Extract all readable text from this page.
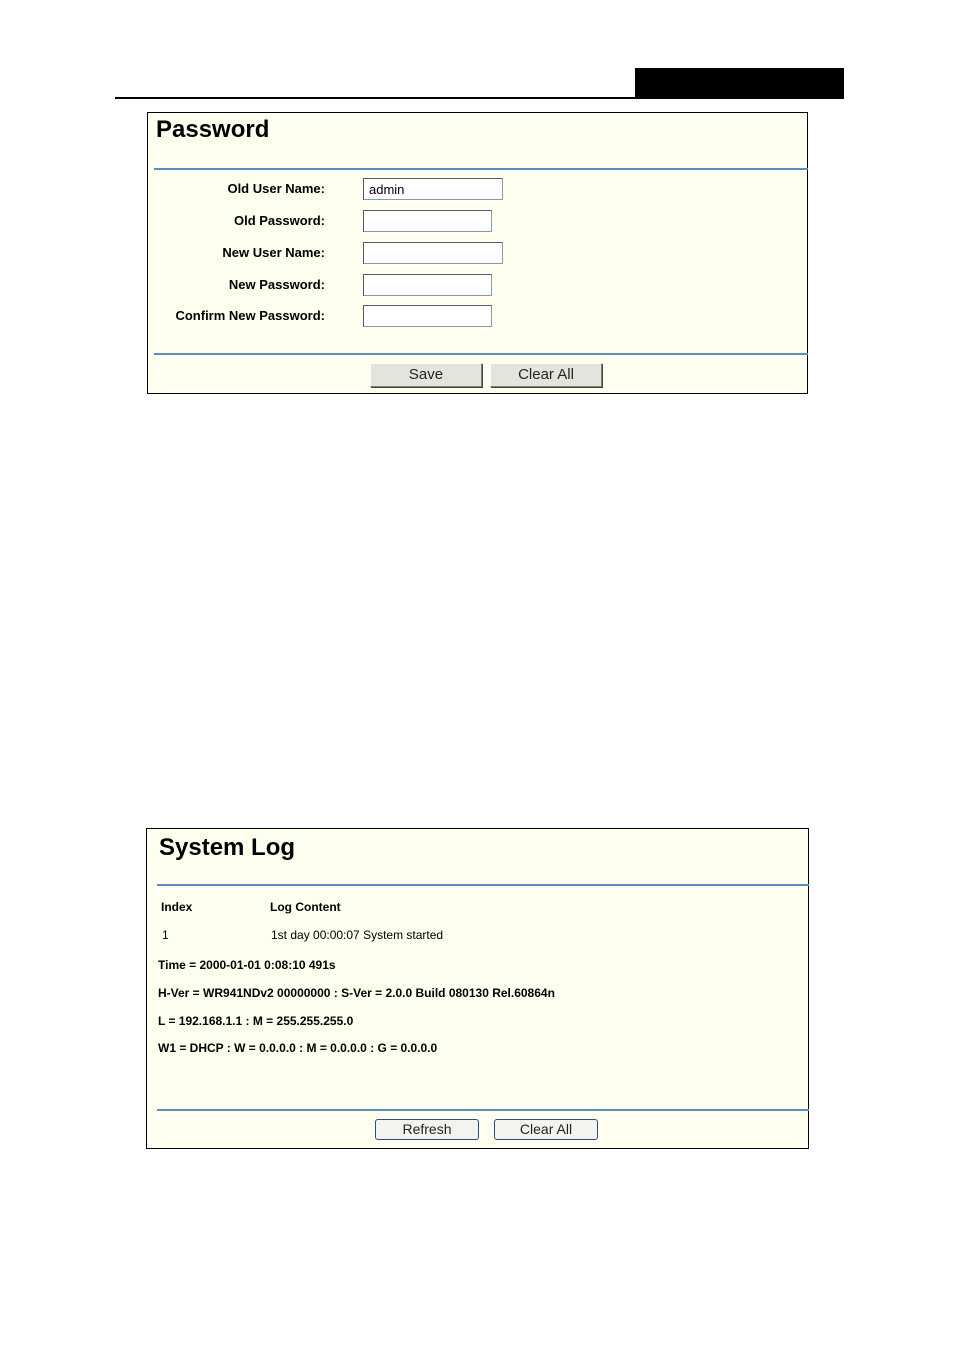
Password
Old User Name:
admin
Old Password:
New User Name:
New Password:
Confirm New Password:
Save	Clear All
System Log
Index	Log Content
1	1st day 00:00:07 System started
Time = 2000-01-01 0:08:10 491s
H-Ver = WR941NDv2 00000000 : S-Ver = 2.0.0 Build 080130 Rel.60864n
L = 192.168.1.1 : M = 255.255.255.0
W1 = DHCP : W = 0.0.0.0 : M = 0.0.0.0 : G = 0.0.0.0
Refresh	Clear All
